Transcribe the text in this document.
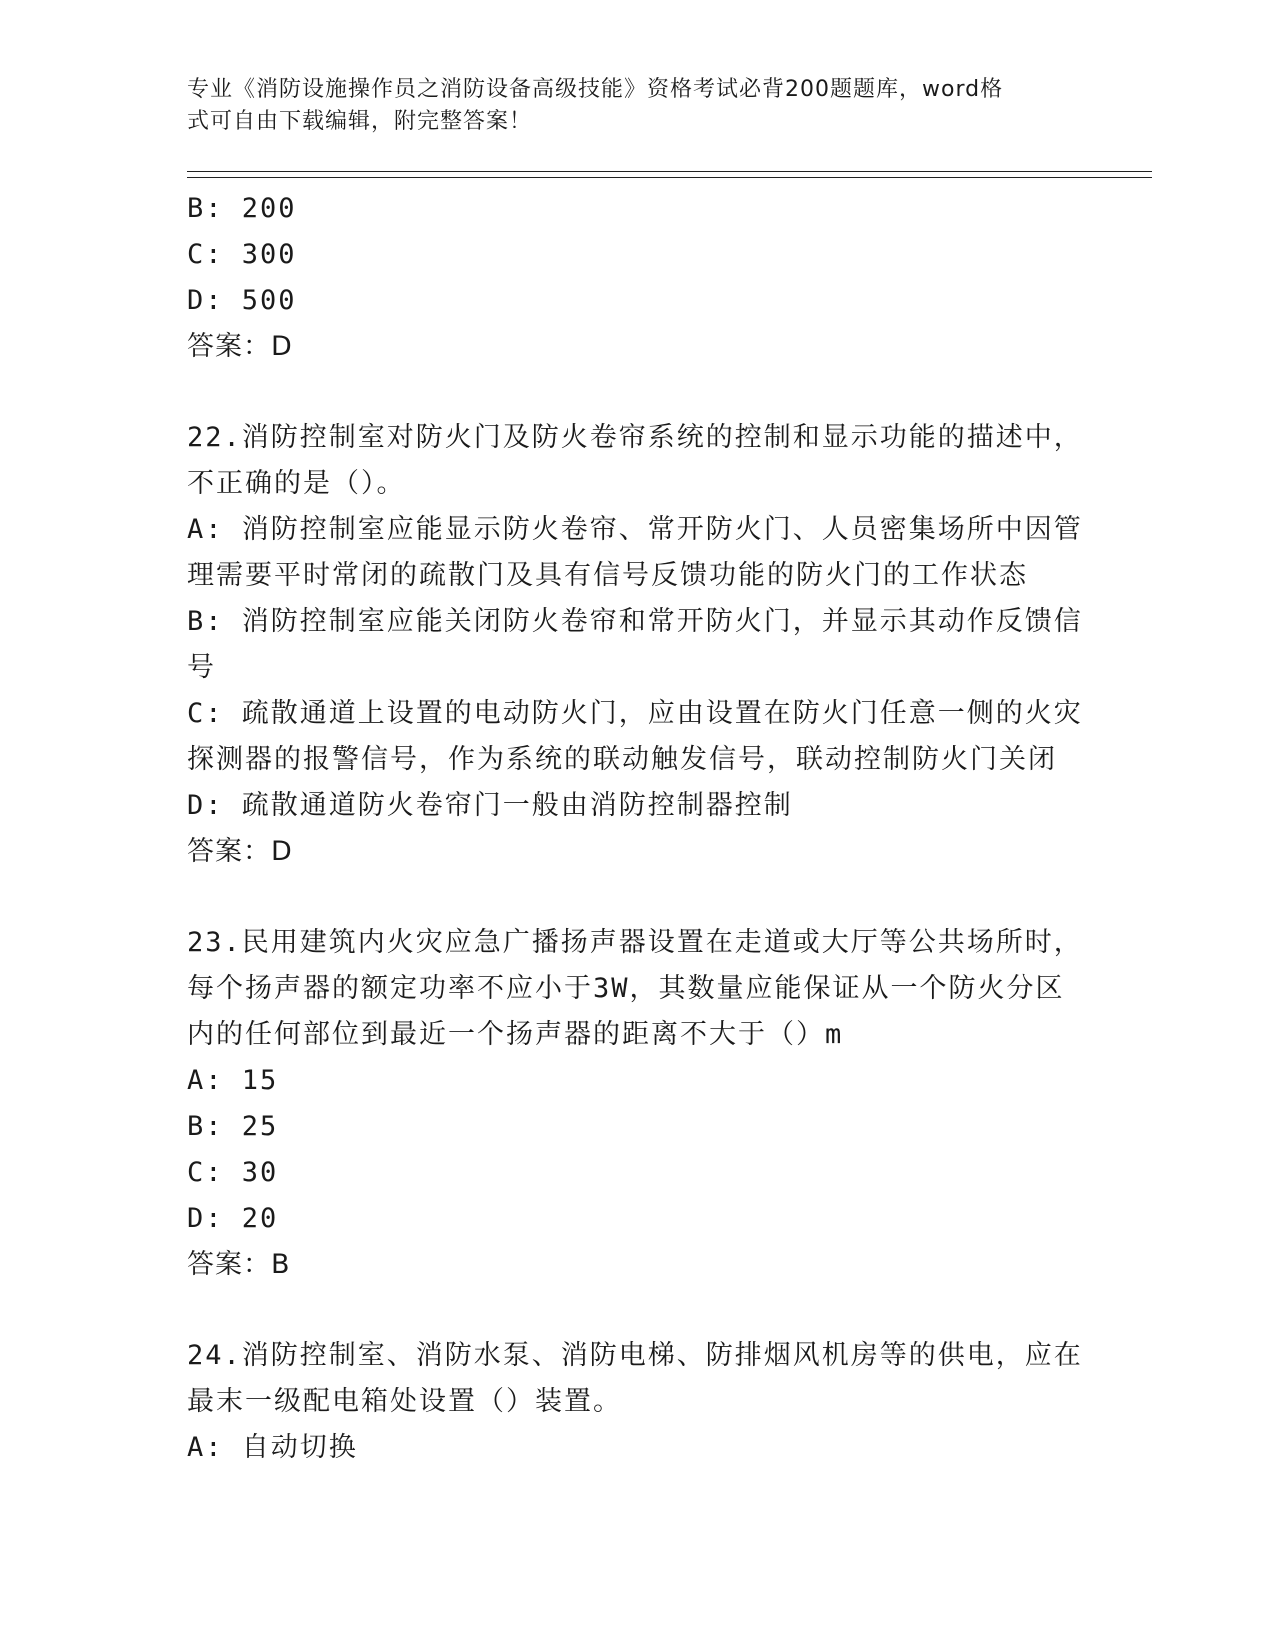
专业《消防设施操作员之消防设备高级技能》资格考试必背200题题库，word格
式可自由下载编辑，附完整答案！
B: 200
C: 300
D: 500
答案：D
22.消防控制室对防火门及防火卷帘系统的控制和显示功能的描述中，
不正确的是（）。
A: 消防控制室应能显示防火卷帘、常开防火门、人员密集场所中因管
理需要平时常闭的疏散门及具有信号反馈功能的防火门的工作状态
B: 消防控制室应能关闭防火卷帘和常开防火门，并显示其动作反馈信
号
C: 疏散通道上设置的电动防火门，应由设置在防火门任意一侧的火灾
探测器的报警信号，作为系统的联动触发信号，联动控制防火门关闭
D: 疏散通道防火卷帘门一般由消防控制器控制
答案：D
23.民用建筑内火灾应急广播扬声器设置在走道或大厅等公共场所时，
每个扬声器的额定功率不应小于3W，其数量应能保证从一个防火分区
内的任何部位到最近一个扬声器的距离不大于（）m
A: 15
B: 25
C: 30
D: 20
答案：B
24.消防控制室、消防水泵、消防电梯、防排烟风机房等的供电，应在
最末一级配电箱处设置（）装置。
A: 自动切换
